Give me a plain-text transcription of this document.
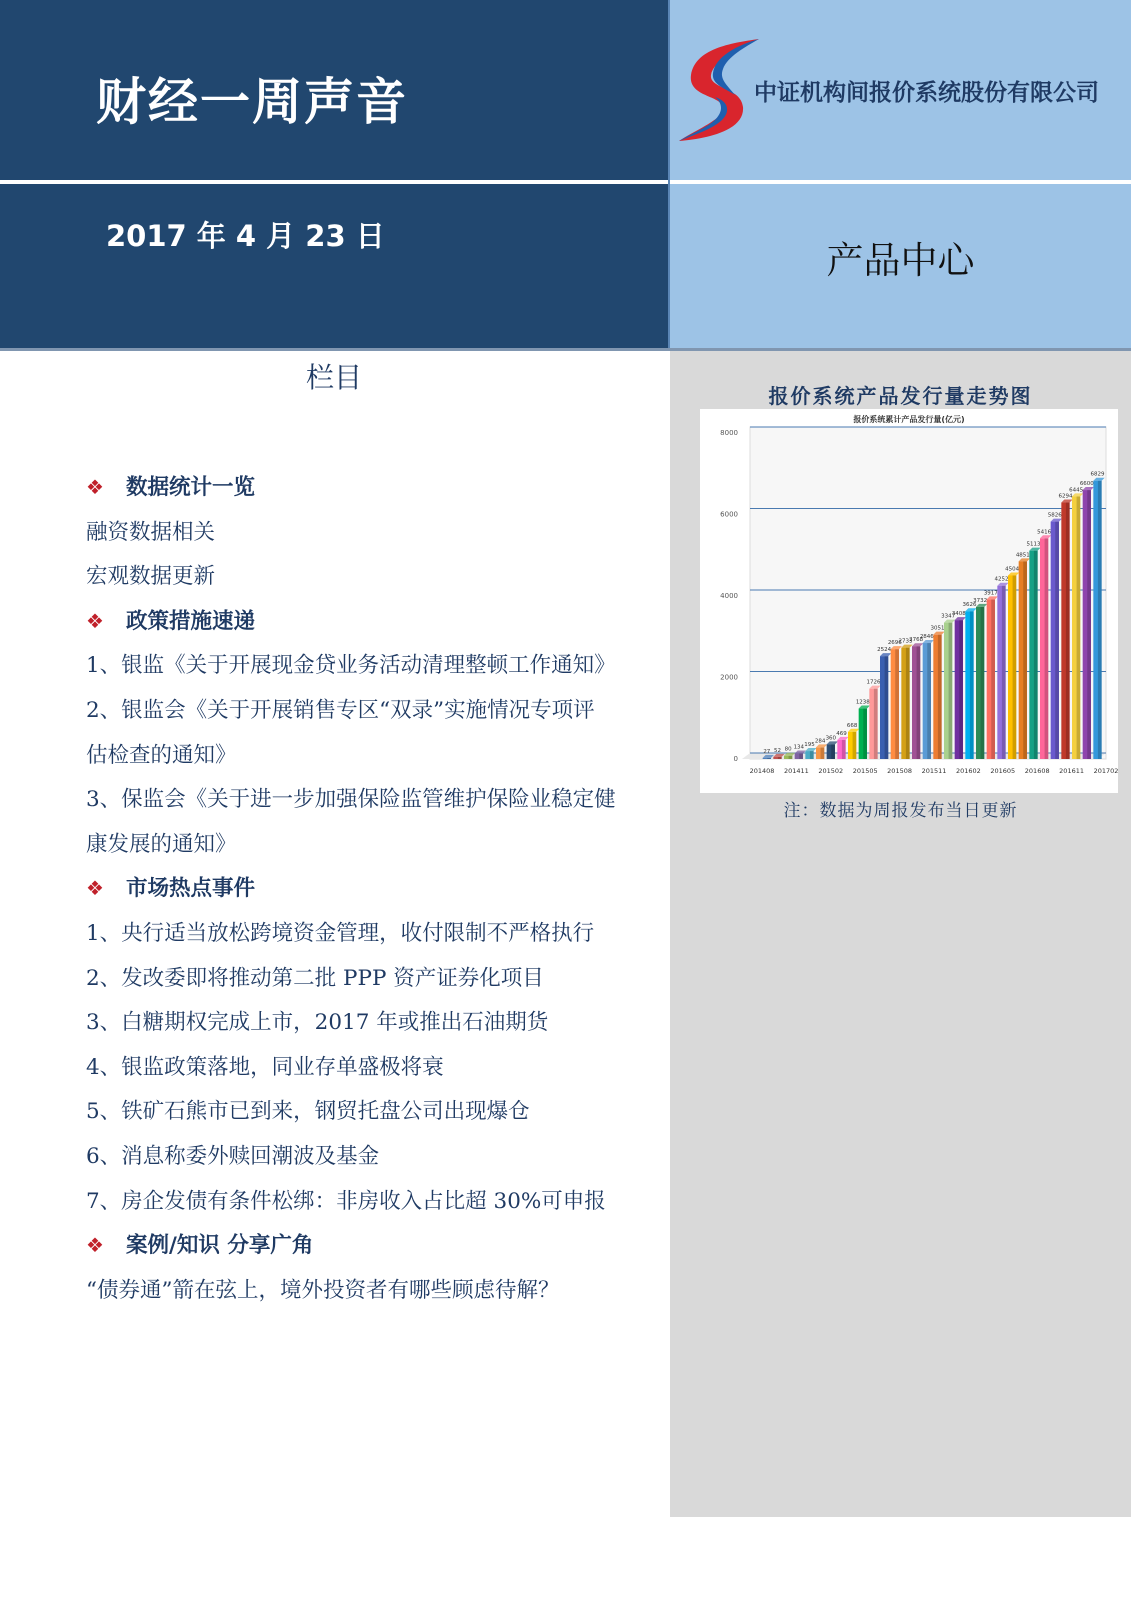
财经一周声音
2017 年 4 月 23 日
中证机构间报价系统股份有限公司
产品中心
报价系统产品发行量走势图
报价系统累计产品发行量(亿元)
0
2000
4000
6000
8000
27 52 80 134 195
284
360
469
668
1238
1726
2524
2696
2733
2768
2846
3051
3347
3408
3626
3732
3917
4252
4504
4851
5113
5416
5826
6294
6445
6600
6829
201408 201411 201502 201505 201508 201511 201602 201605 201608 201611 201702
注：数据为周报发布当日更新
栏目
❖ 数据统计一览
融资数据相关
宏观数据更新
❖ 政策措施速递
1、银监《关于开展现金贷业务活动清理整顿工作通知》
2、银监会《关于开展销售专区“双录”实施情况专项评
估检查的通知》
3、保监会《关于进一步加强保险监管维护保险业稳定健
康发展的通知》
❖ 市场热点事件
1、央行适当放松跨境资金管理，收付限制不严格执行
2、发改委即将推动第二批 PPP 资产证券化项目
3、白糖期权完成上市，2017 年或推出石油期货
4、银监政策落地，同业存单盛极将衰
5、铁矿石熊市已到来，钢贸托盘公司出现爆仓
6、消息称委外赎回潮波及基金
7、房企发债有条件松绑：非房收入占比超 30%可申报
❖ 案例/知识 分享广角
“债券通”箭在弦上，境外投资者有哪些顾虑待解？
